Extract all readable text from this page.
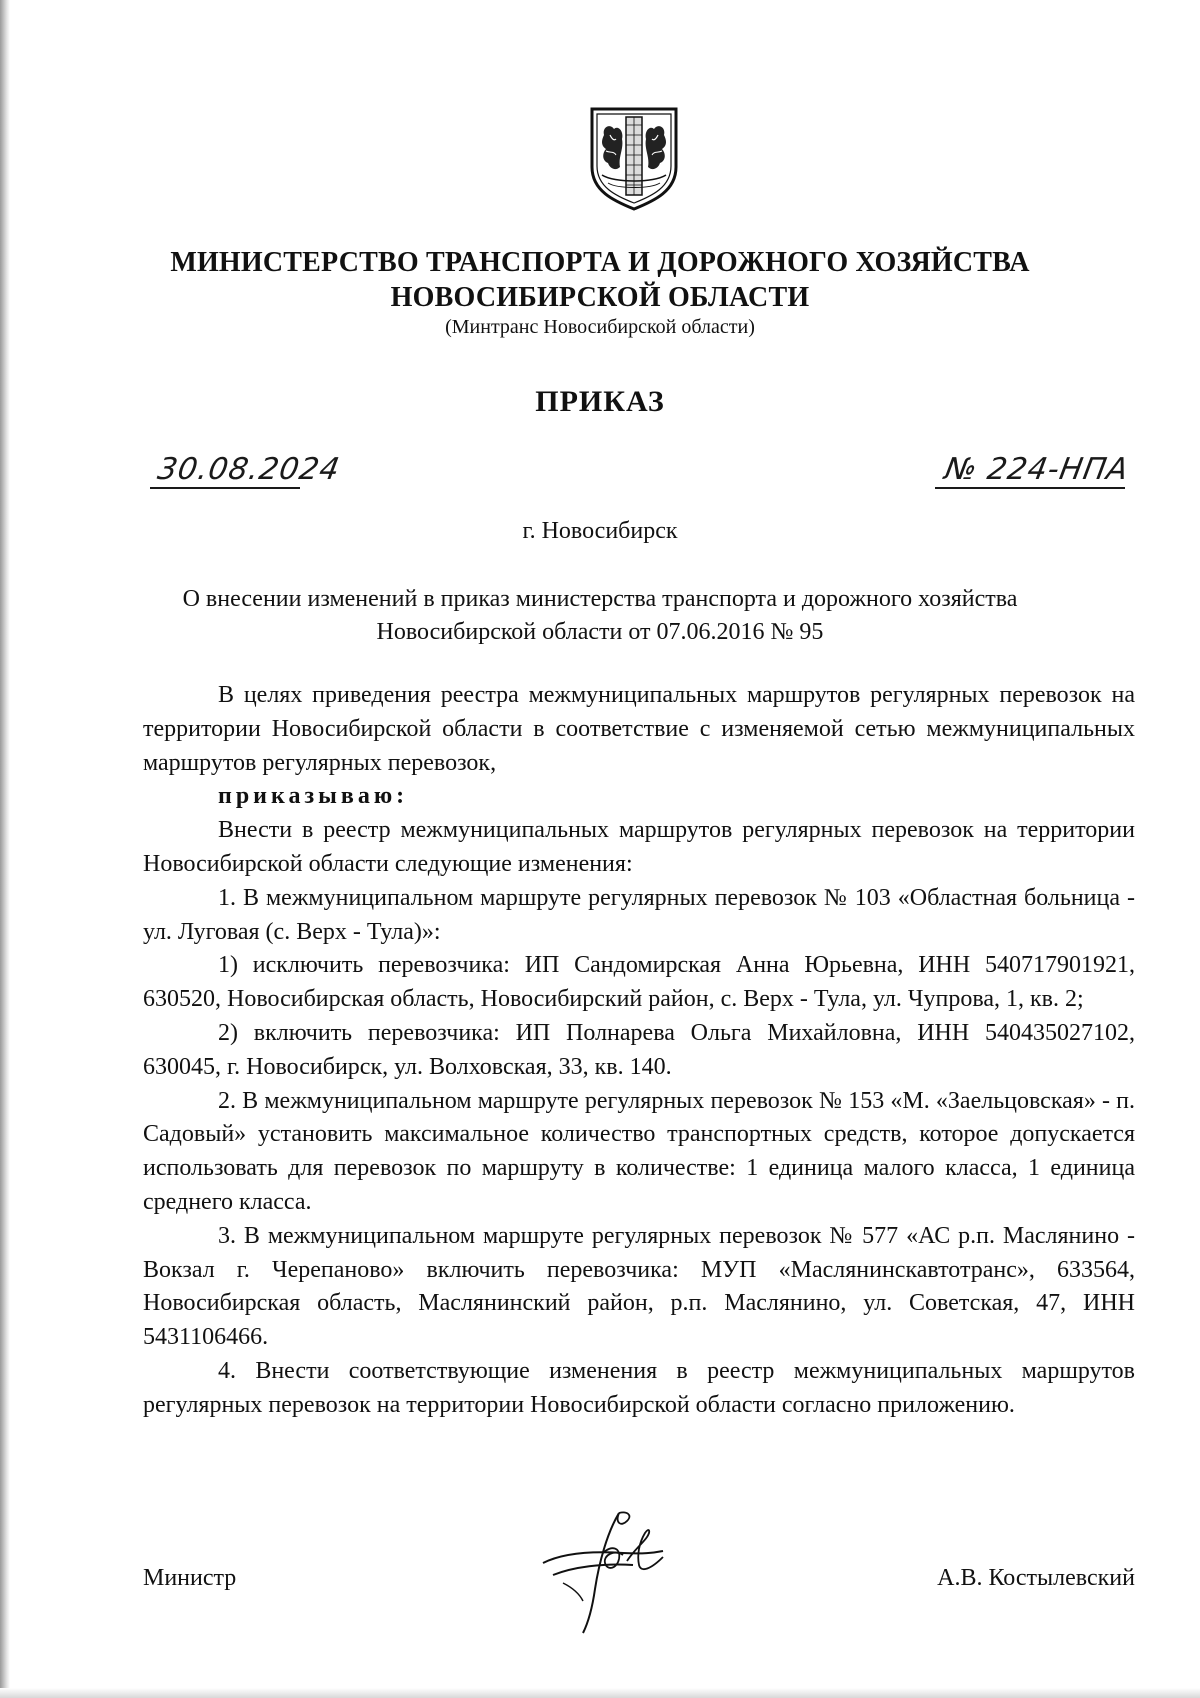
МИНИСТЕРСТВО ТРАНСПОРТА И ДОРОЖНОГО ХОЗЯЙСТВА
НОВОСИБИРСКОЙ ОБЛАСТИ
(Минтранс Новосибирской области)
ПРИКАЗ
30.08.2024	№ 224-НПА
г. Новосибирск
О внесении изменений в приказ министерства транспорта и дорожного хозяйства Новосибирской области от 07.06.2016 № 95

В целях приведения реестра межмуниципальных маршрутов регулярных перевозок на территории Новосибирской области в соответствие с изменяемой сетью межмуниципальных маршрутов регулярных перевозок,

приказываю:

Внести в реестр межмуниципальных маршрутов регулярных перевозок на территории Новосибирской области следующие изменения:

1. В межмуниципальном маршруте регулярных перевозок № 103 «Областная больница - ул. Луговая (с. Верх - Тула)»:

1) исключить перевозчика: ИП Сандомирская Анна Юрьевна, ИНН 540717901921, 630520, Новосибирская область, Новосибирский район, с. Верх - Тула, ул. Чупрова, 1, кв. 2;

2) включить перевозчика: ИП Полнарева Ольга Михайловна, ИНН 540435027102, 630045, г. Новосибирск, ул. Волховская, 33, кв. 140.

2. В межмуниципальном маршруте регулярных перевозок № 153 «М. «Заельцовская» - п. Садовый» установить максимальное количество транспортных средств, которое допускается использовать для перевозок по маршруту в количестве: 1 единица малого класса, 1 единица среднего класса.

3. В межмуниципальном маршруте регулярных перевозок № 577 «АС р.п. Маслянино - Вокзал г. Черепаново» включить перевозчика: МУП «Маслянинскавтотранс», 633564, Новосибирская область, Маслянинский район, р.п. Маслянино, ул. Советская, 47, ИНН 5431106466.

4. Внести соответствующие изменения в реестр межмуниципальных маршрутов регулярных перевозок на территории Новосибирской области согласно приложению.

Министр	А.В. Костылевский
